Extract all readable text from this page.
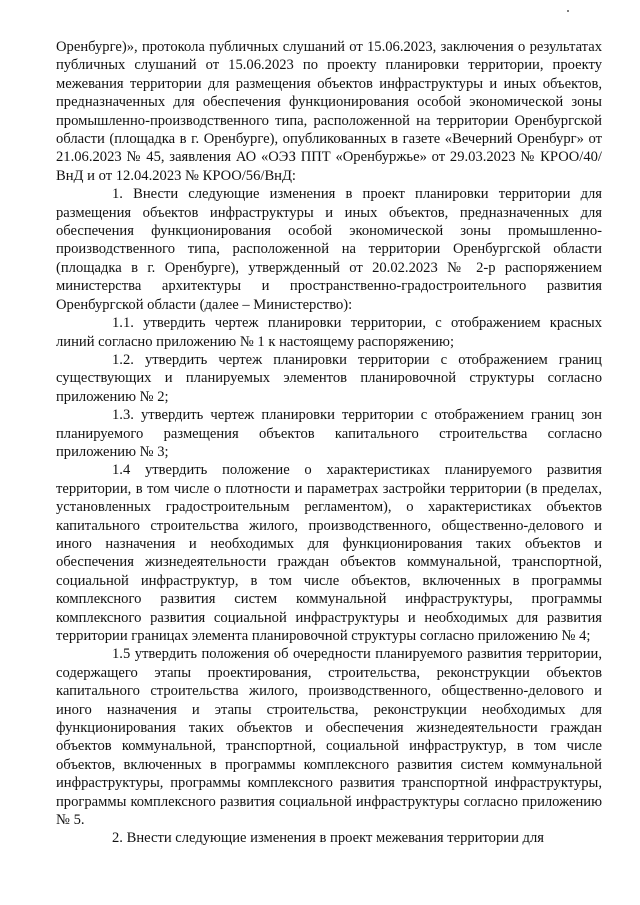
Оренбурге)», протокола публичных слушаний от 15.06.2023, заключения о результатах публичных слушаний от 15.06.2023 по проекту планировки территории, проекту межевания территории для размещения объектов инфраструктуры и иных объектов, предназначенных для обеспечения функционирования особой экономической зоны промышленно-производственного типа, расположенной на территории Оренбургской области (площадка в г. Оренбурге), опубликованных в газете «Вечерний Оренбург» от 21.06.2023 № 45, заявления АО «ОЭЗ ППТ «Оренбуржье» от 29.03.2023 № КРОО/40/ВнД и от 12.04.2023 № КРОО/56/ВнД:

1. Внести следующие изменения в проект планировки территории для размещения объектов инфраструктуры и иных объектов, предназначенных для обеспечения функционирования особой экономической зоны промышленно-производственного типа, расположенной на территории Оренбургской области (площадка в г. Оренбурге), утвержденный от 20.02.2023 № 2-р распоряжением министерства архитектуры и пространственно-градостроительного развития Оренбургской области (далее – Министерство):

1.1. утвердить чертеж планировки территории, с отображением красных линий согласно приложению № 1 к настоящему распоряжению;

1.2. утвердить чертеж планировки территории с отображением границ существующих и планируемых элементов планировочной структуры согласно приложению № 2;

1.3. утвердить чертеж планировки территории с отображением границ зон планируемого размещения объектов капитального строительства согласно приложению № 3;

1.4 утвердить положение о характеристиках планируемого развития территории, в том числе о плотности и параметрах застройки территории (в пределах, установленных градостроительным регламентом), о характеристиках объектов капитального строительства жилого, производственного, общественно-делового и иного назначения и необходимых для функционирования таких объектов и обеспечения жизнедеятельности граждан объектов коммунальной, транспортной, социальной инфраструктур, в том числе объектов, включенных в программы комплексного развития систем коммунальной инфраструктуры, программы комплексного развития социальной инфраструктуры и необходимых для развития территории границах элемента планировочной структуры согласно приложению № 4;

1.5 утвердить положения об очередности планируемого развития территории, содержащего этапы проектирования, строительства, реконструкции объектов капитального строительства жилого, производственного, общественно-делового и иного назначения и этапы строительства, реконструкции необходимых для функционирования таких объектов и обеспечения жизнедеятельности граждан объектов коммунальной, транспортной, социальной инфраструктур, в том числе объектов, включенных в программы комплексного развития систем коммунальной инфраструктуры, программы комплексного развития транспортной инфраструктуры, программы комплексного развития социальной инфраструктуры согласно приложению № 5.

2. Внести следующие изменения в проект межевания территории для
